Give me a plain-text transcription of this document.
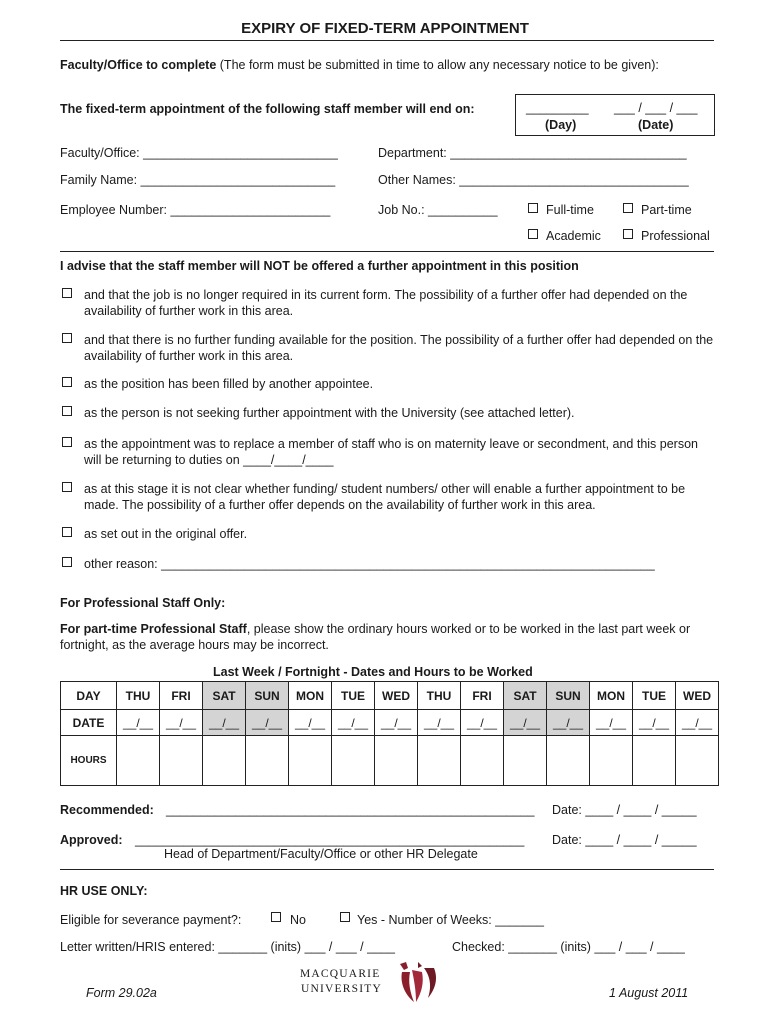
EXPIRY OF FIXED-TERM APPOINTMENT
Faculty/Office to complete (The form must be submitted in time to allow any necessary notice to be given):
The fixed-term appointment of the following staff member will end on:	_________ ___ / ___ / ___
(Day)	(Date)
Faculty/Office: ____________________________	Department: __________________________________
Family Name: ____________________________	Other Names: _________________________________
Employee Number: _______________________	Job No.: __________	Full-time	Part-time
Academic	Professional
I advise that the staff member will NOT be offered a further appointment in this position
and that the job is no longer required in its current form. The possibility of a further offer had depended on the availability of further work in this area.
and that there is no further funding available for the position. The possibility of a further offer had depended on the availability of further work in this area.
as the position has been filled by another appointee.
as the person is not seeking further appointment with the University (see attached letter).
as the appointment was to replace a member of staff who is on maternity leave or secondment, and this person will be returning to duties on ____/____/____
as at this stage it is not clear whether funding/ student numbers/ other will enable a further appointment to be made. The possibility of a further offer depends on the availability of further work in this area.
as set out in the original offer.
other reason: _______________________________________________________________________
For Professional Staff Only:
For part-time Professional Staff, please show the ordinary hours worked or to be worked in the last part week or fortnight, as the average hours may be incorrect.
Last Week / Fortnight - Dates and Hours to be Worked
DAY	THU	FRI	SAT	SUN	MON	TUE	WED	THU	FRI	SAT	SUN	MON	TUE	WED
DATE	__/__	__/__	__/__	__/__	__/__	__/__	__/__	__/__	__/__	__/__	__/__	__/__	__/__	__/__
HOURS														
Recommended: _____________________________________________________ Date: ____ / ____ / _____
Approved: ________________________________________________________ Date: ____ / ____ / _____
Head of Department/Faculty/Office or other HR Delegate
HR USE ONLY:
Eligible for severance payment?:	No	Yes - Number of Weeks: _______
Letter written/HRIS entered: _______ (inits) ___ / ___ / ____	Checked: _______ (inits) ___ / ___ / ____
Form 29.02a
MACQUARIE
UNIVERSITY	1 August 2011
